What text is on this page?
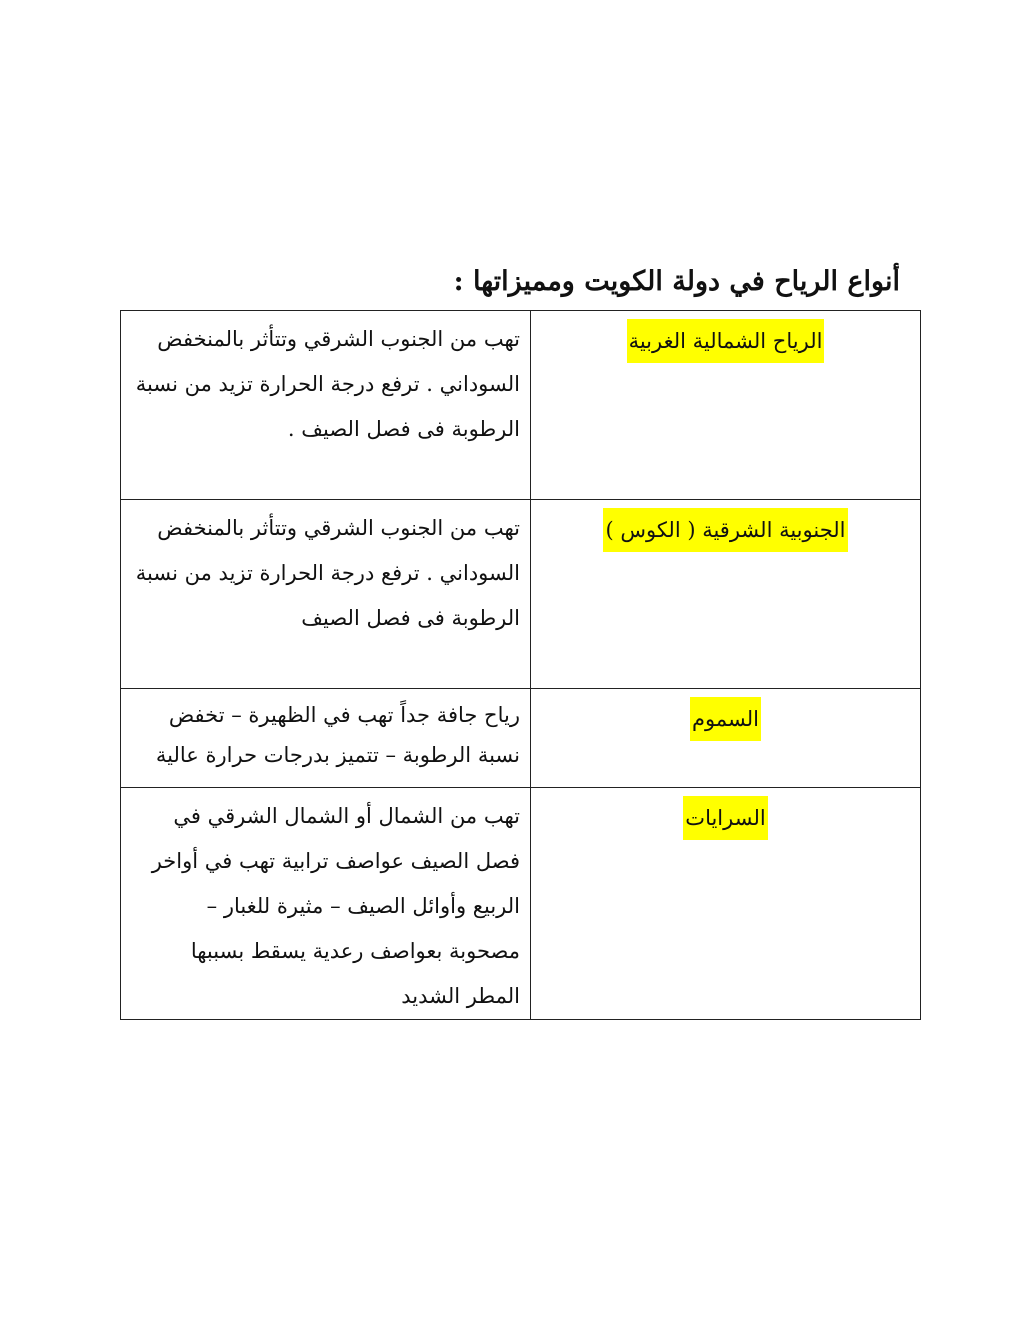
أنواع الرياح في دولة الكويت ومميزاتها :
الرياح الشمالية الغربية	تهب من الجنوب الشرقي وتتأثر بالمنخفض السوداني . ترفع درجة الحرارة تزيد من نسبة الرطوبة فى فصل الصيف .

الجنوبية الشرقية ( الكوس )	تهب من الجنوب الشرقي وتتأثر بالمنخفض السوداني . ترفع درجة الحرارة تزيد من نسبة الرطوبة فى فصل الصيف

السموم	رياح جافة جداً تهب في الظهيرة – تخفض نسبة الرطوبة – تتميز بدرجات حرارة عالية

السرايات	تهب من الشمال أو الشمال الشرقي في فصل الصيف عواصف ترابية تهب في أواخر الربيع وأوائل الصيف – مثيرة للغبار – مصحوبة بعواصف رعدية يسقط بسببها المطر الشديد
